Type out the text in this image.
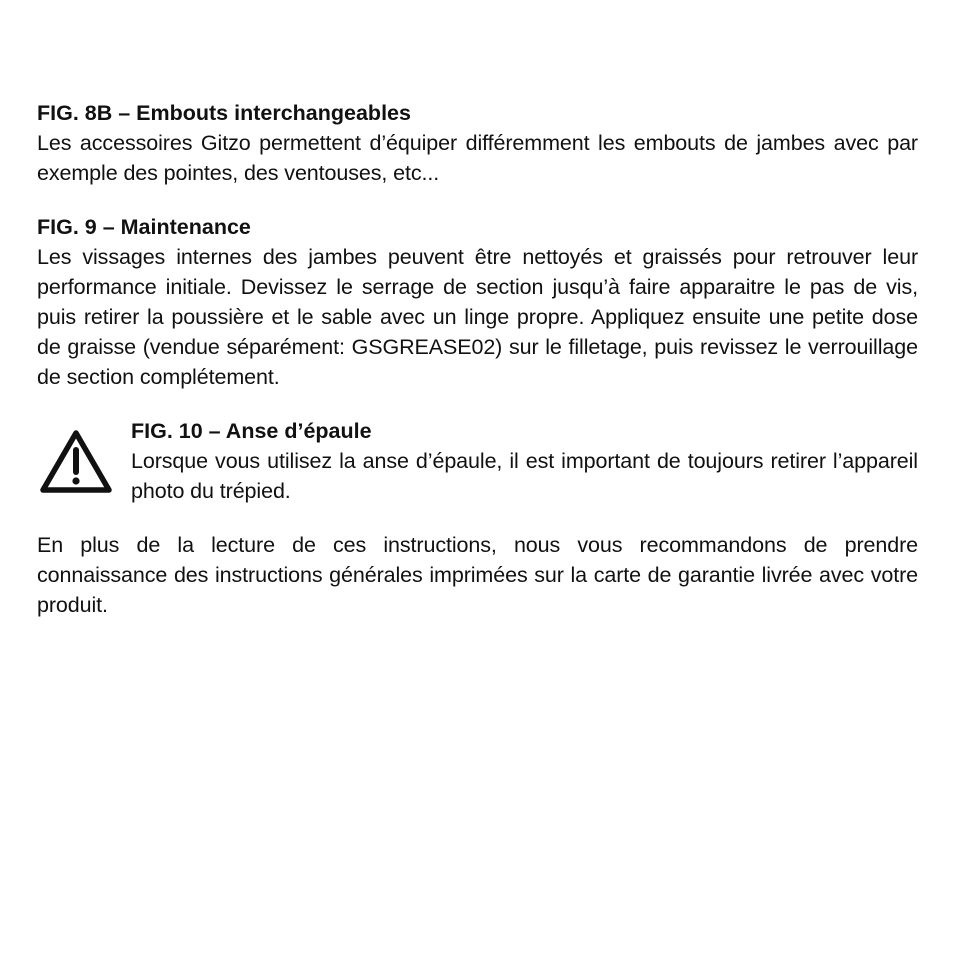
FIG. 8B – Embouts interchangeables

Les accessoires Gitzo permettent d’équiper différemment les embouts de jambes avec par exemple des pointes, des ventouses, etc...

FIG. 9 – Maintenance

Les vissages internes des jambes peuvent être nettoyés et graissés pour retrouver leur performance initiale. Devissez le serrage de section jusqu’à faire apparaitre le pas de vis, puis retirer la poussière et le sable avec un linge propre. Appliquez ensuite une petite dose de graisse (vendue séparément: GSGREASE02) sur le filletage, puis revissez le verrouillage de section complétement.

FIG. 10 – Anse d’épaule

Lorsque vous utilisez la anse d’épaule, il est important de toujours retirer l’appareil photo du trépied.

En plus de la lecture de ces instructions, nous vous recommandons de prendre connaissance des instructions générales imprimées sur la carte de garantie livrée avec votre produit.
